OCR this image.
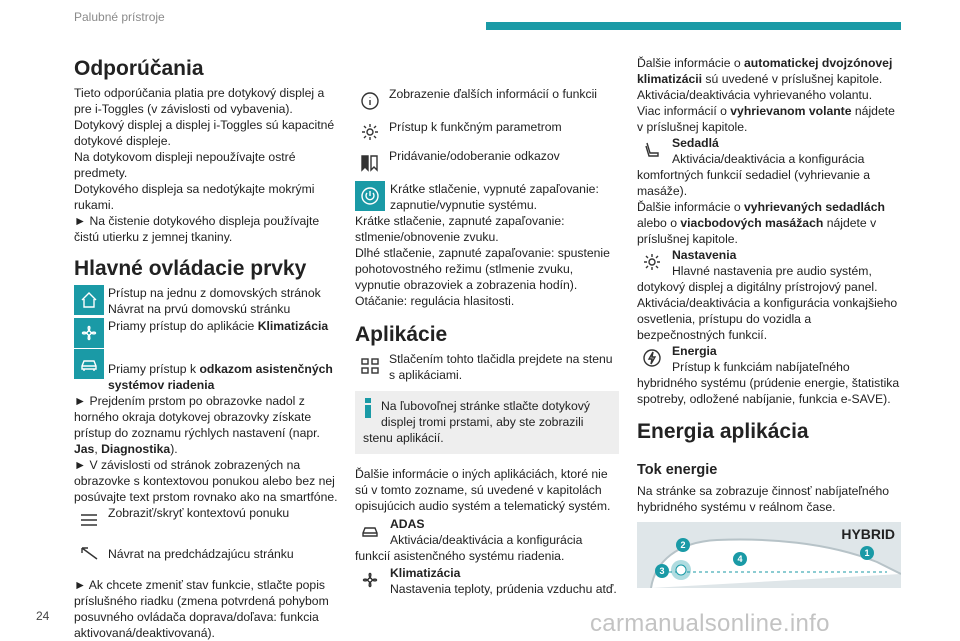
Palubné prístroje
24	carmanualsonline.info
Odporúčania

Tieto odporúčania platia pre dotykový displej a pre i-Toggles (v závislosti od vybavenia).

Dotykový displej a displej i-Toggles sú kapacitné dotykové displeje.

Na dotykovom displeji nepoužívajte ostré predmety.

Dotykového displeja sa nedotýkajte mokrými rukami.

► Na čistenie dotykového displeja používajte čistú utierku z jemnej tkaniny.

Hlavné ovládacie prvky

Prístup na jednu z domovských stránok

Návrat na prvú domovskú stránku

Priamy prístup do aplikácie Klimatizácia

Priamy prístup k odkazom asistenčných systémov riadenia

► Prejdením prstom po obrazovke nadol z horného okraja dotykovej obrazovky získate prístup do zoznamu rýchlych nastavení (napr. Jas, Diagnostika).

► V závislosti od stránok zobrazených na obrazovke s kontextovou ponukou alebo bez nej posúvajte text prstom rovnako ako na smartfóne.

Zobraziť/skryť kontextovú ponuku

Návrat na predchádzajúcu stránku

► Ak chcete zmeniť stav funkcie, stlačte popis príslušného riadku (zmena potvrdená pohybom posuvného ovládača doprava/doľava: funkcia aktivovaná/deaktivovaná).

Zobrazenie ďalších informácií o funkcii

Prístup k funkčným parametrom

Pridávanie/odoberanie odkazov

Krátke stlačenie, vypnuté zapaľovanie: zapnutie/vypnutie systému.

Krátke stlačenie, zapnuté zapaľovanie: stlmenie/obnovenie zvuku.

Dlhé stlačenie, zapnuté zapaľovanie: spustenie pohotovostného režimu (stlmenie zvuku, vypnutie obrazoviek a zobrazenia hodín).

Otáčanie: regulácia hlasitosti.

Aplikácie

Stlačením tohto tlačidla prejdete na stenu s aplikáciami.

Na ľubovoľnej stránke stlačte dotykový displej tromi prstami, aby ste zobrazili stenu aplikácií.

Ďalšie informácie o iných aplikáciách, ktoré nie sú v tomto zozname, sú uvedené v kapitolách opisujúcich audio systém a telematický systém.

ADAS

Aktivácia/deaktivácia a konfigurácia funkcií asistenčného systému riadenia.

Klimatizácia

Nastavenia teploty, prúdenia vzduchu atď.

Ďalšie informácie o automatickej dvojzónovej klimatizácii sú uvedené v príslušnej kapitole.

Aktivácia/deaktivácia vyhrievaného volantu.

Viac informácií o vyhrievanom volante nájdete v príslušnej kapitole.

Sedadlá

Aktivácia/deaktivácia a konfigurácia komfortných funkcií sedadiel (vyhrievanie a masáže).

Ďalšie informácie o vyhrievaných sedadlách alebo o viacbodových masážach nájdete v príslušnej kapitole.

Nastavenia

Hlavné nastavenia pre audio systém, dotykový displej a digitálny prístrojový panel.

Aktivácia/deaktivácia a konfigurácia vonkajšieho osvetlenia, prístupu do vozidla a bezpečnostných funkcií.

Energia

Prístup k funkciám nabíjateľného hybridného systému (prúdenie energie, štatistika spotreby, odložené nabíjanie, funkcia e-SAVE).

Energia aplikácia
Tok energie

Na stránke sa zobrazuje činnosť nabíjateľného hybridného systému v reálnom čase.

HYBRID
1
2
3
4
